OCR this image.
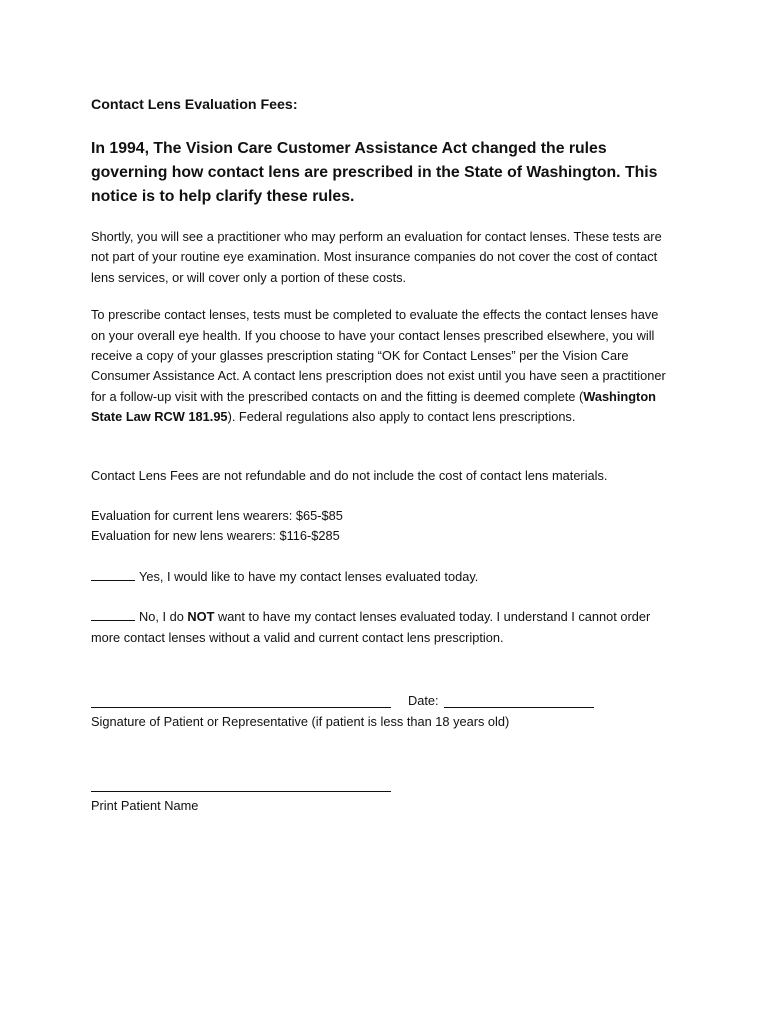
Contact Lens Evaluation Fees:

In 1994, The Vision Care Customer Assistance Act changed the rules governing how contact lens are prescribed in the State of Washington. This notice is to help clarify these rules.

Shortly, you will see a practitioner who may perform an evaluation for contact lenses. These tests are not part of your routine eye examination. Most insurance companies do not cover the cost of contact lens services, or will cover only a portion of these costs.

To prescribe contact lenses, tests must be completed to evaluate the effects the contact lenses have on your overall eye health. If you choose to have your contact lenses prescribed elsewhere, you will receive a copy of your glasses prescription stating “OK for Contact Lenses” per the Vision Care Consumer Assistance Act. A contact lens prescription does not exist until you have seen a practitioner for a follow-up visit with the prescribed contacts on and the fitting is deemed complete (Washington State Law RCW 181.95). Federal regulations also apply to contact lens prescriptions.

Contact Lens Fees are not refundable and do not include the cost of contact lens materials.

Evaluation for current lens wearers: $65-$85

Evaluation for new lens wearers: $116-$285

Yes, I would like to have my contact lenses evaluated today.

No, I do NOT want to have my contact lenses evaluated today. I understand I cannot order more contact lenses without a valid and current contact lens prescription.

Date:
Signature of Patient or Representative (if patient is less than 18 years old)
Print Patient Name
